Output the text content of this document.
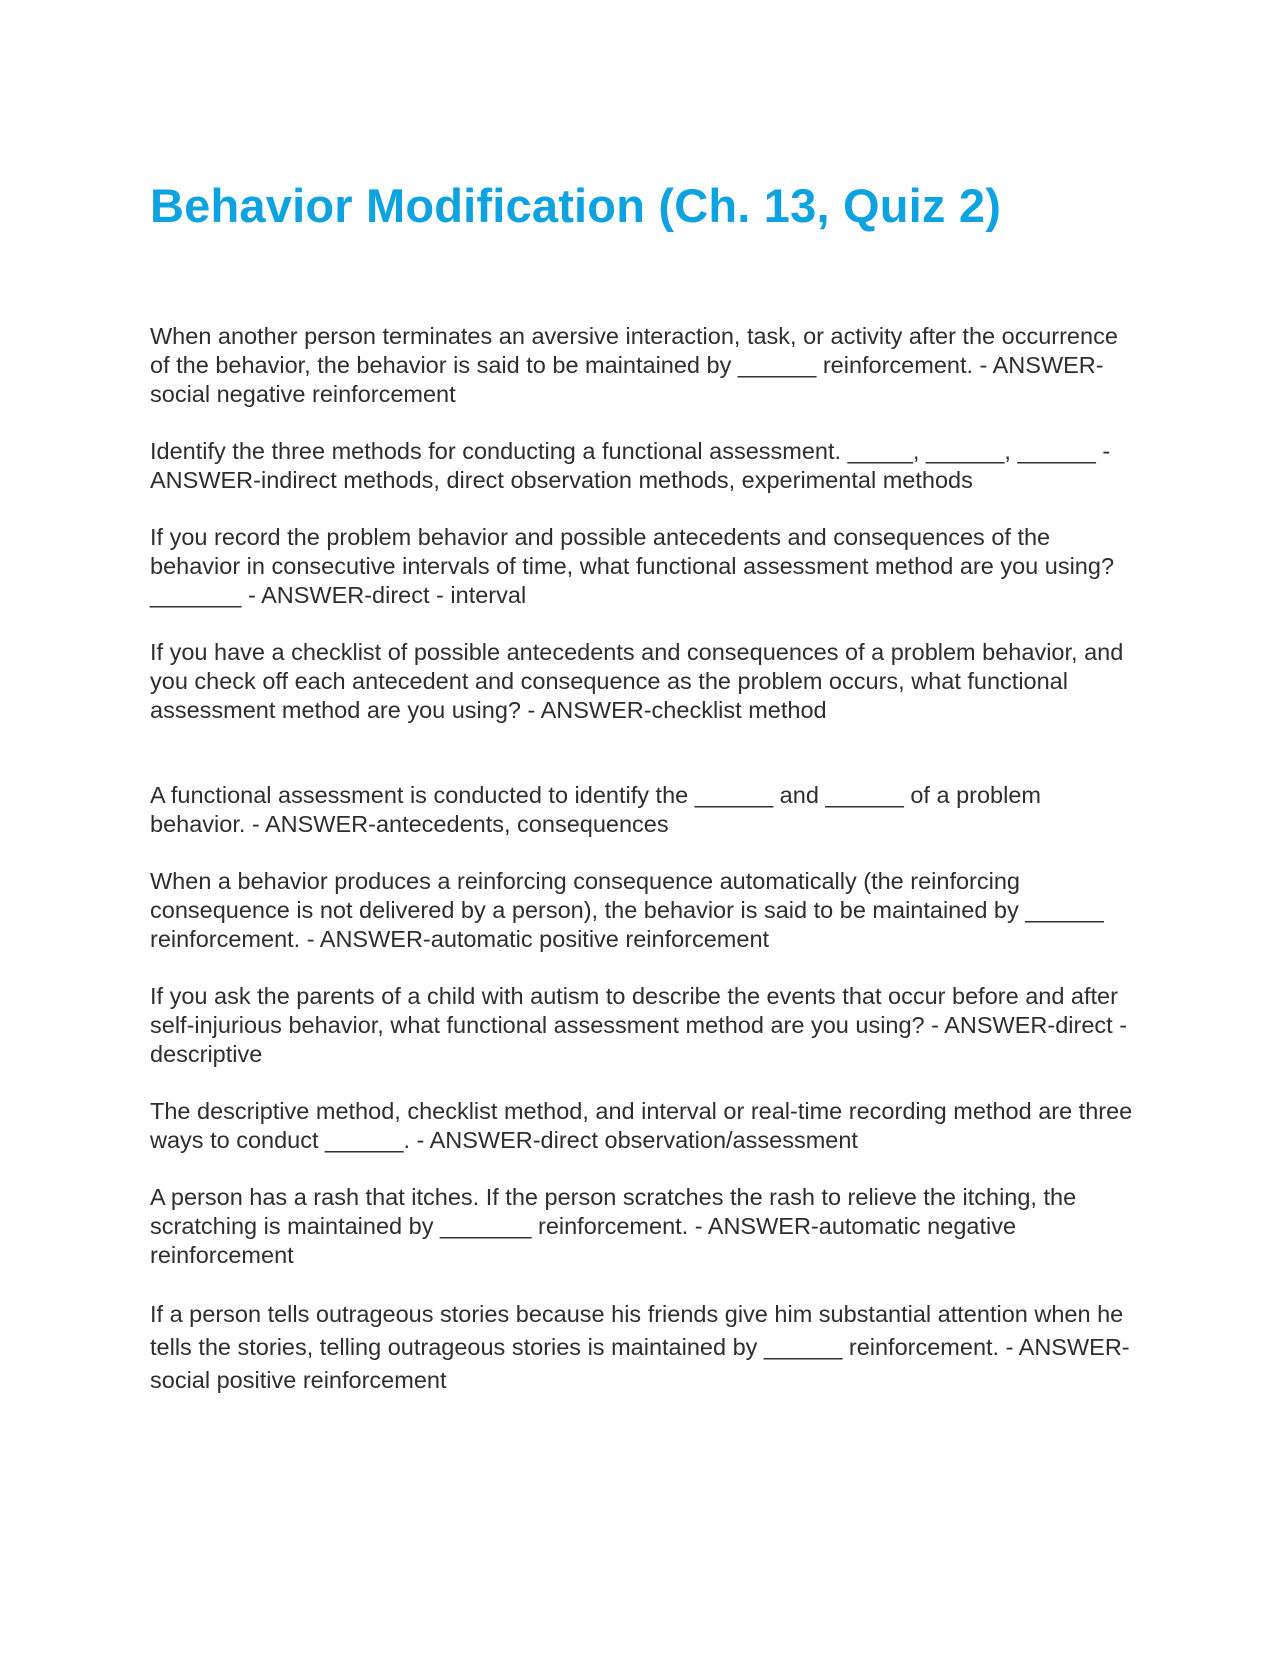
Behavior Modification (Ch. 13, Quiz 2)

When another person terminates an aversive interaction, task, or activity after the occurrence of the behavior, the behavior is said to be maintained by ______ reinforcement. - ANSWER-social negative reinforcement

Identify the three methods for conducting a functional assessment. _____, ______, ______ - ANSWER-indirect methods, direct observation methods, experimental methods

If you record the problem behavior and possible antecedents and consequences of the behavior in consecutive intervals of time, what functional assessment method are you using? _______ - ANSWER-direct - interval

If you have a checklist of possible antecedents and consequences of a problem behavior, and you check off each antecedent and consequence as the problem occurs, what functional assessment method are you using? - ANSWER-checklist method

A functional assessment is conducted to identify the ______ and ______ of a problem behavior. - ANSWER-antecedents, consequences

When a behavior produces a reinforcing consequence automatically (the reinforcing consequence is not delivered by a person), the behavior is said to be maintained by ______ reinforcement. - ANSWER-automatic positive reinforcement

If you ask the parents of a child with autism to describe the events that occur before and after self-injurious behavior, what functional assessment method are you using? - ANSWER-direct - descriptive

The descriptive method, checklist method, and interval or real-time recording method are three ways to conduct ______. - ANSWER-direct observation/assessment

A person has a rash that itches. If the person scratches the rash to relieve the itching, the scratching is maintained by _______ reinforcement. - ANSWER-automatic negative reinforcement

If a person tells outrageous stories because his friends give him substantial attention when he tells the stories, telling outrageous stories is maintained by ______ reinforcement. - ANSWER-social positive reinforcement
